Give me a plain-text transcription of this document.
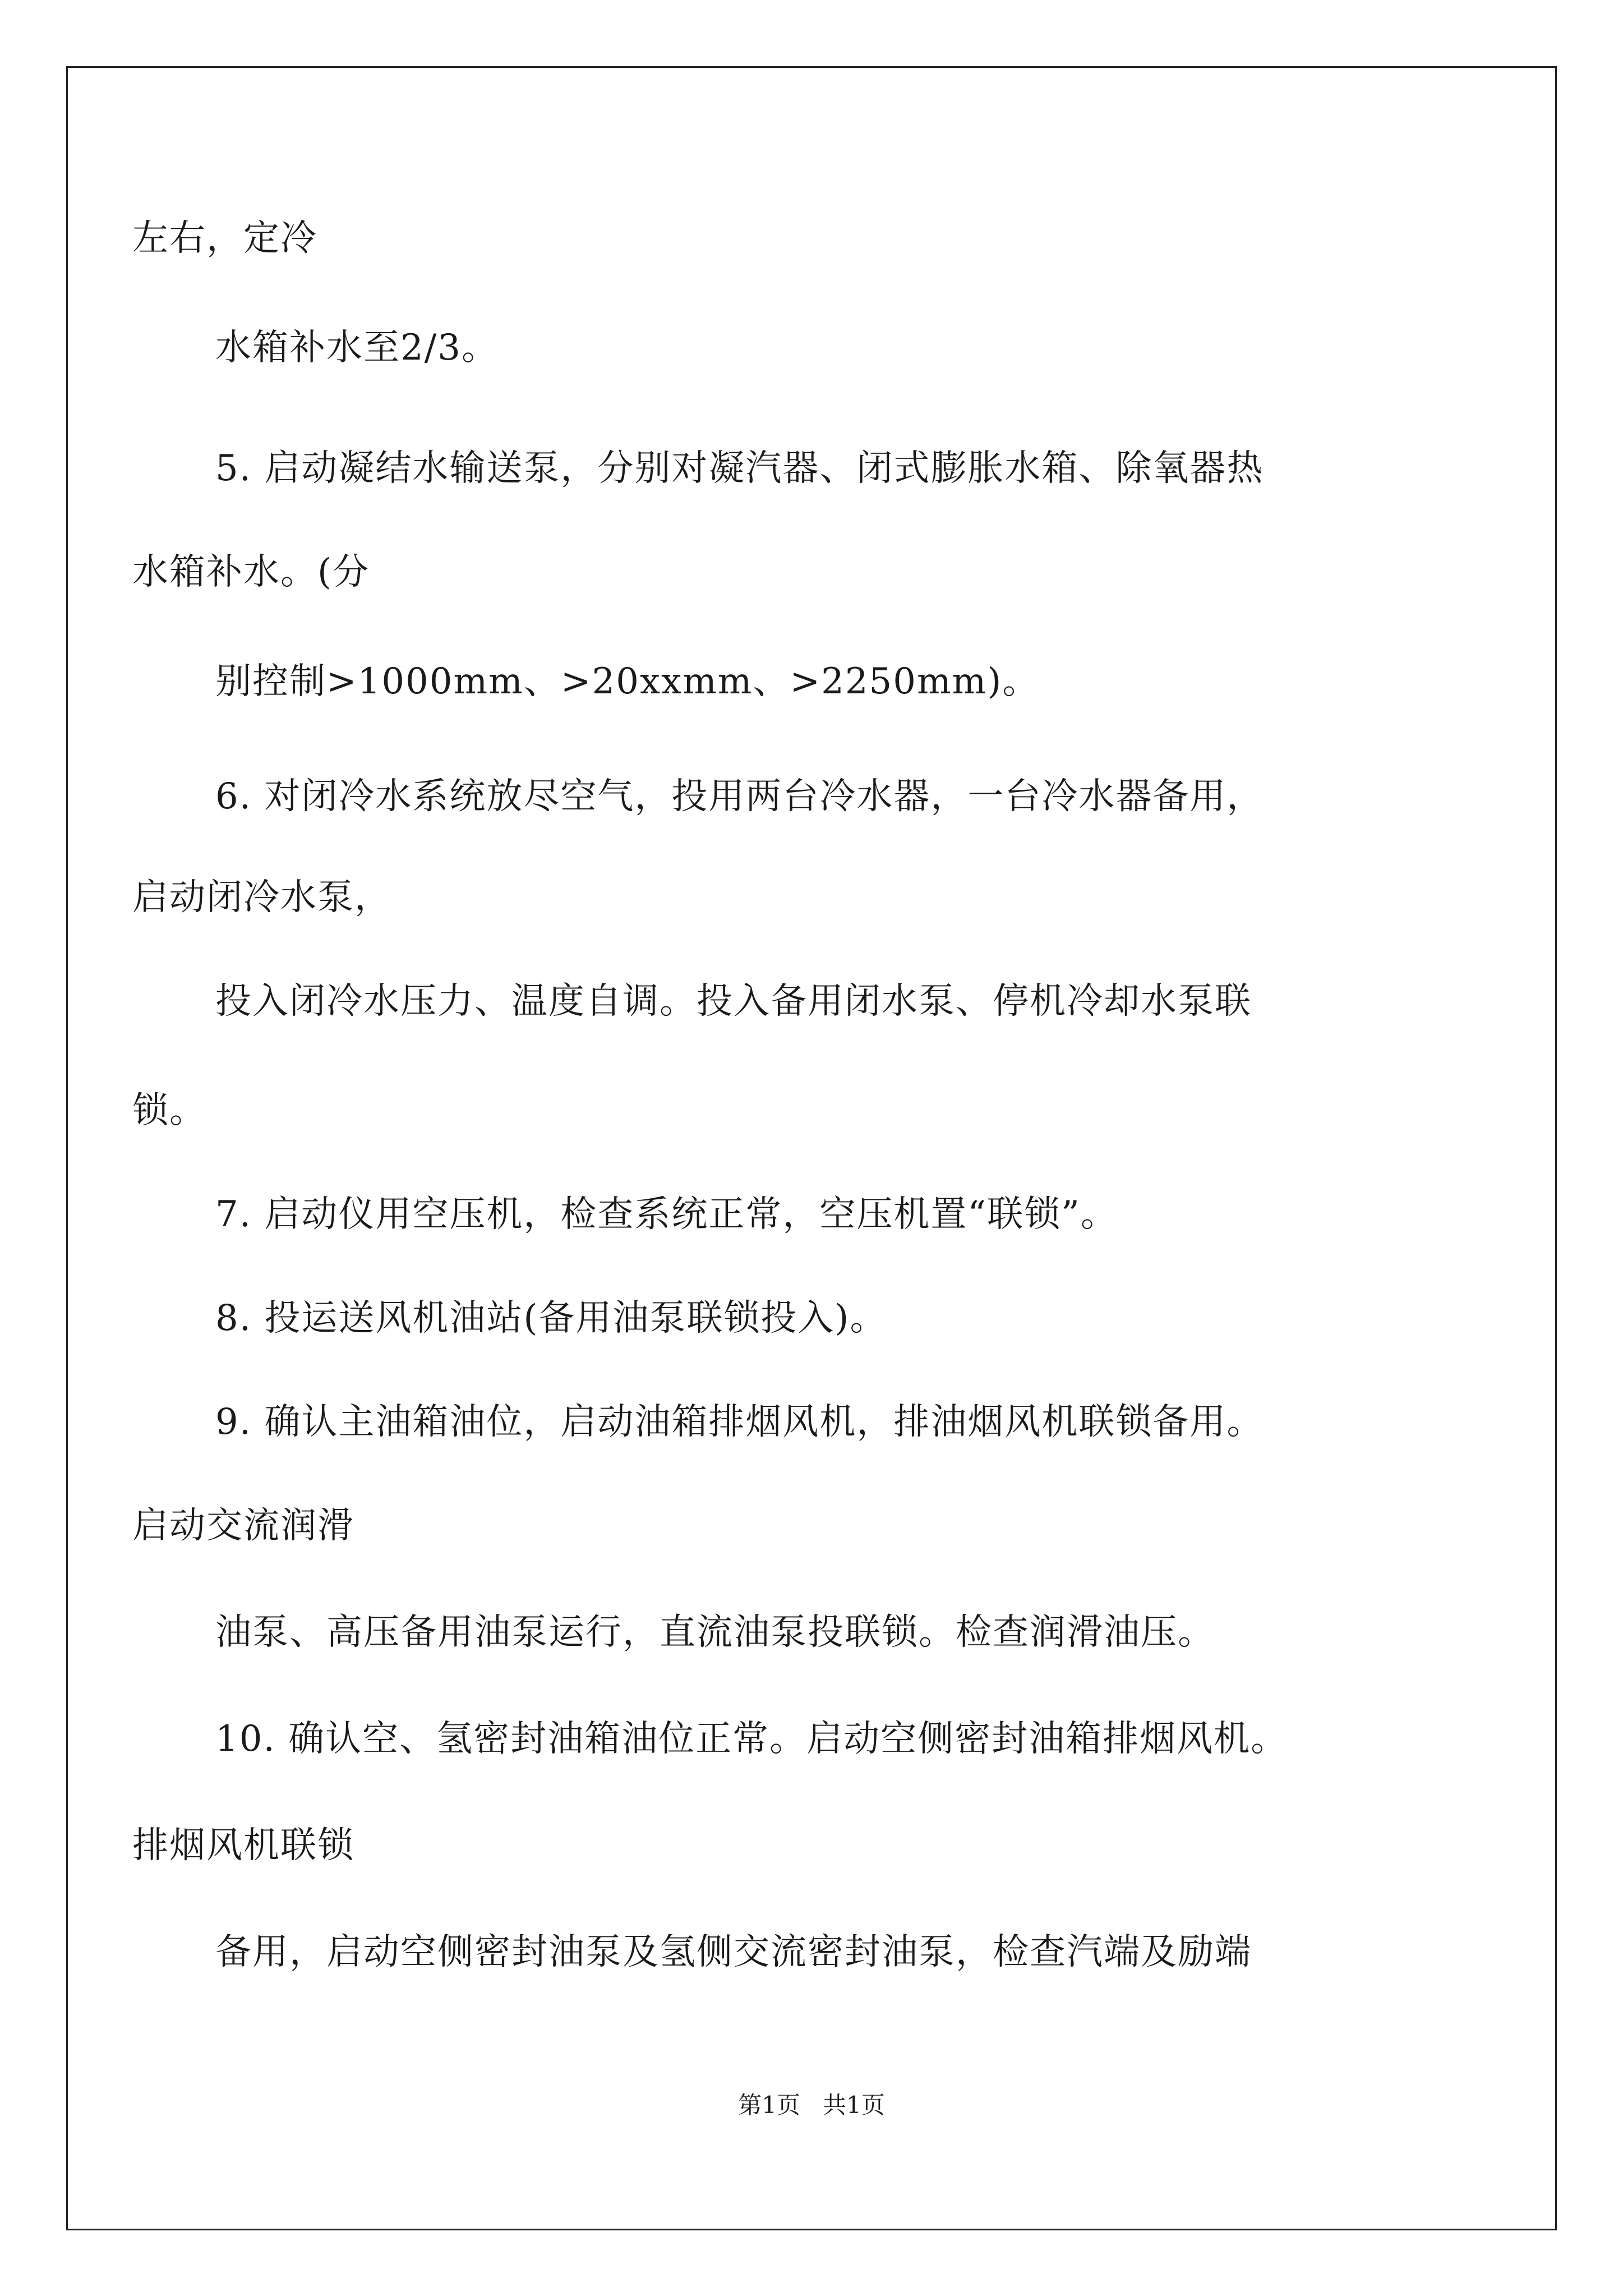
左右，定冷
水箱补水至2/3。
5. 启动凝结水输送泵，分别对凝汽器、闭式膨胀水箱、除氧器热
水箱补水。(分
别控制>1000mm、>20xxmm、>2250mm)。
6. 对闭冷水系统放尽空气，投用两台冷水器，一台冷水器备用，
启动闭冷水泵，
投入闭冷水压力、温度自调。投入备用闭水泵、停机冷却水泵联
锁。
7. 启动仪用空压机，检查系统正常，空压机置“联锁”。
8. 投运送风机油站(备用油泵联锁投入)。
9. 确认主油箱油位，启动油箱排烟风机，排油烟风机联锁备用。
启动交流润滑
油泵、高压备用油泵运行，直流油泵投联锁。检查润滑油压。
10. 确认空、氢密封油箱油位正常。启动空侧密封油箱排烟风机。
排烟风机联锁
备用，启动空侧密封油泵及氢侧交流密封油泵，检查汽端及励端
第1页   共1页
